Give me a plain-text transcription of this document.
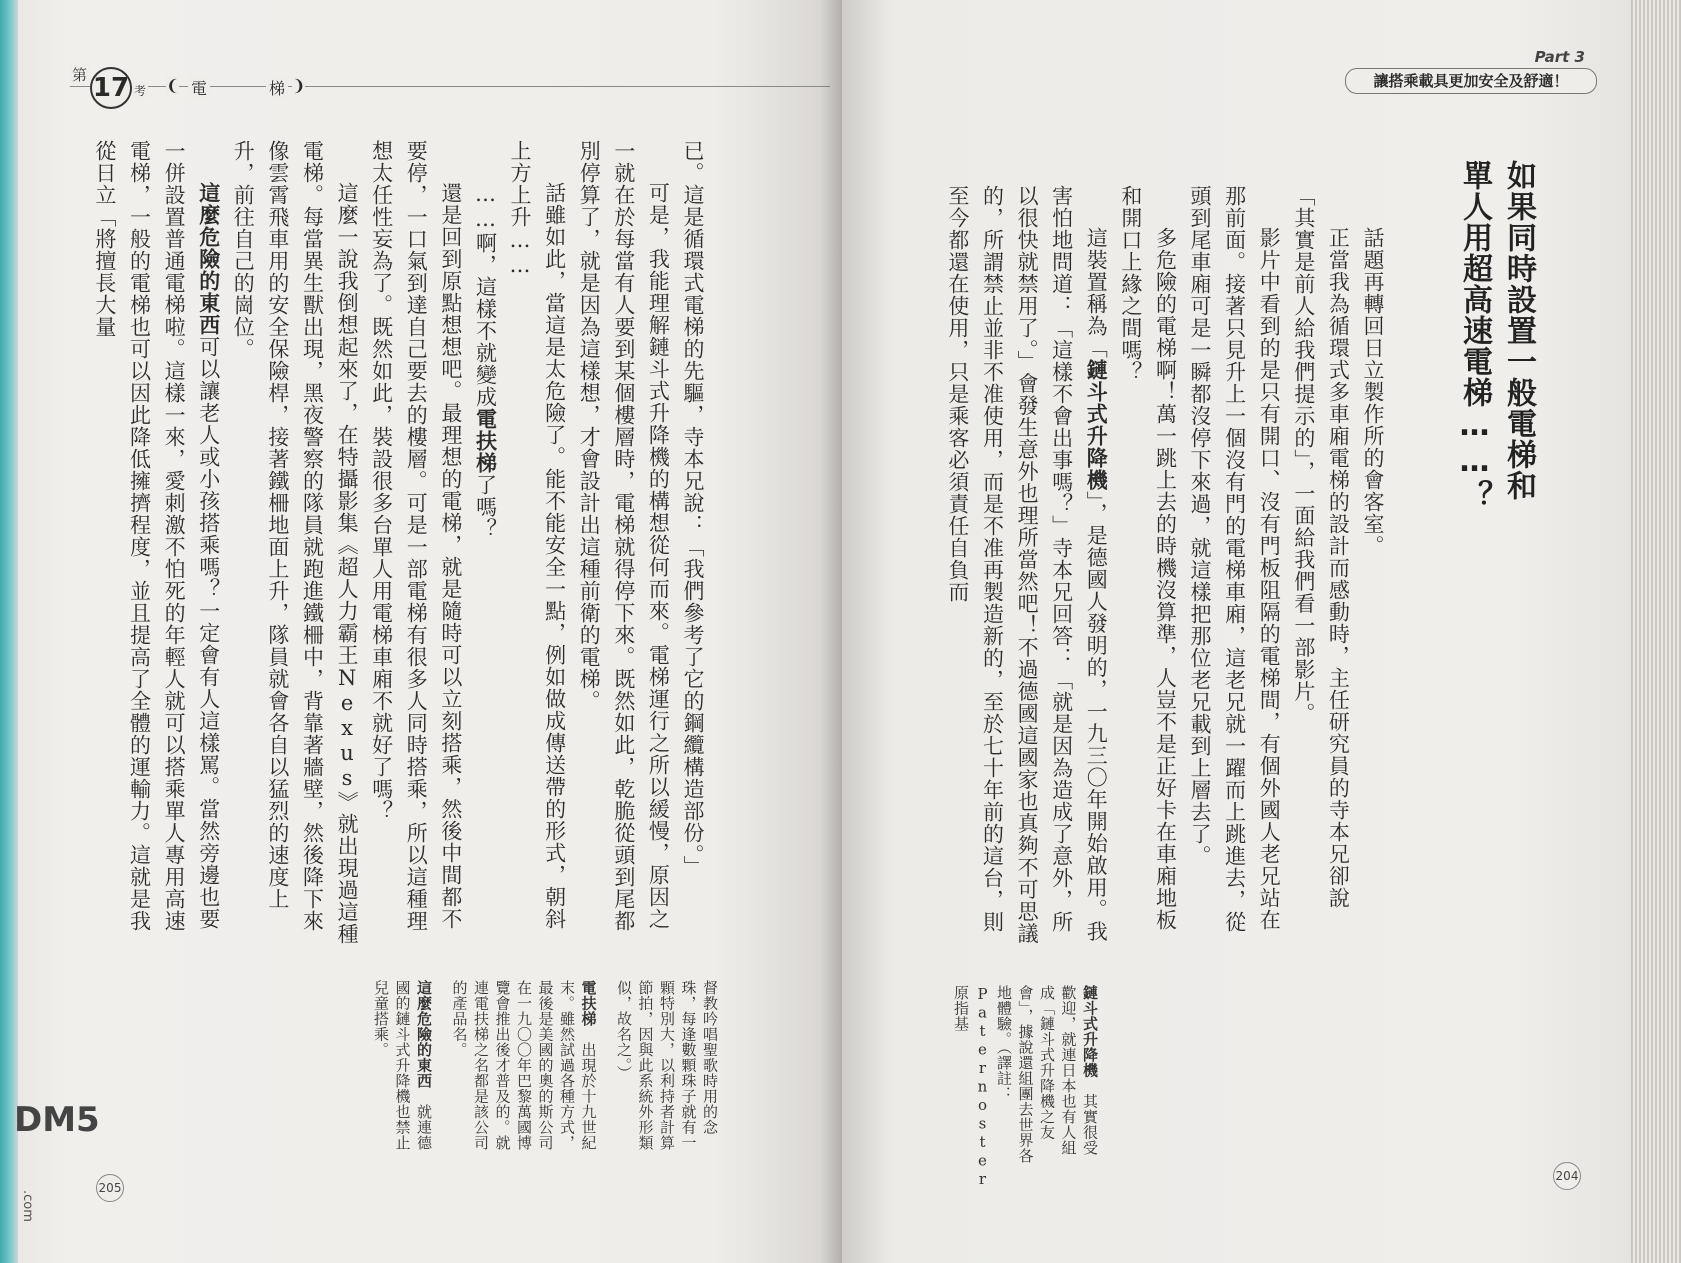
第 17 考 ❨ 電	梯 ❩

已。這是循環式電梯的先驅，寺本兄說：「我們參考了它的鋼纜構造部份。」

可是，我能理解鏈斗式升降機的構想從何而來。電梯運行之所以緩慢，原因之一就在於每當有人要到某個樓層時，電梯就得停下來。既然如此，乾脆從頭到尾都別停算了，就是因為這樣想，才會設計出這種前衛的電梯。

話雖如此，當這是太危險了。能不能安全一點，例如做成傳送帶的形式，朝斜上方上升……

……啊，這樣不就變成電扶梯了嗎？

還是回到原點想想吧。最理想的電梯，就是隨時可以立刻搭乘，然後中間都不要停，一口氣到達自己要去的樓層。可是一部電梯有很多人同時搭乘，所以這種理想太任性妄為了。既然如此，裝設很多台單人用電梯車廂不就好了嗎？

這麼一說我倒想起來了，在特攝影集《超人力霸王Nexus》就出現過這種電梯。每當異生獸出現，黑夜警察的隊員就跑進鐵柵中，背靠著牆壁，然後降下來像雲霄飛車用的安全保險桿，接著鐵柵地面上升，隊員就會各自以猛烈的速度上升，前往自己的崗位。

這麼危險的東西可以讓老人或小孩搭乘嗎？一定會有人這樣罵。當然旁邊也要一併設置普通電梯啦。這樣一來，愛刺激不怕死的年輕人就可以搭乘單人專用高速電梯，一般的電梯也可以因此降低擁擠程度，並且提高了全體的運輸力。這就是我從日立「將擅長大量

督教吟唱聖歌時用的念珠，每逢數顆珠子就有一顆特別大，以利持者計算節拍，因與此系統外形類似，故名之。）

電扶梯　出現於十九世紀末。雖然試過各種方式，最後是美國的奧的斯公司在一九〇〇年巴黎萬國博覽會推出後才普及的。就連電扶梯之名都是該公司的產品名。

這麼危險的東西　就連德國的鏈斗式升降機也禁止兒童搭乘。

205
DM5
.com
Part 3
讓搭乘載具更加安全及舒適！
如果同時設置一般電梯和
單人用超高速電梯……？

話題再轉回日立製作所的會客室。

正當我為循環式多車廂電梯的設計而感動時，主任研究員的寺本兄卻說「其實是前人給我們提示的」，一面給我們看一部影片。

影片中看到的是只有開口、沒有門板阻隔的電梯間，有個外國人老兄站在那前面。接著只見升上一個沒有門的電梯車廂，這老兄就一躍而上跳進去，從頭到尾車廂可是一瞬都沒停下來過，就這樣把那位老兄載到上層去了。

多危險的電梯啊！萬一跳上去的時機沒算準，人豈不是正好卡在車廂地板和開口上緣之間嗎？

這裝置稱為「鏈斗式升降機」，是德國人發明的，一九三〇年開始啟用。我害怕地問道：「這樣不會出事嗎？」寺本兄回答：「就是因為造成了意外，所以很快就禁用了。」會發生意外也理所當然吧！不過德國這國家也真夠不可思議的，所謂禁止並非不准使用，而是不准再製造新的，至於七十年前的這台，則至今都還在使用，只是乘客必須責任自負而

鏈斗式升降機　其實很受歡迎，就連日本也有人組成「鏈斗式升降機之友會」，據說還組團去世界各地體驗。（譯註：Paternoster原指基

204
